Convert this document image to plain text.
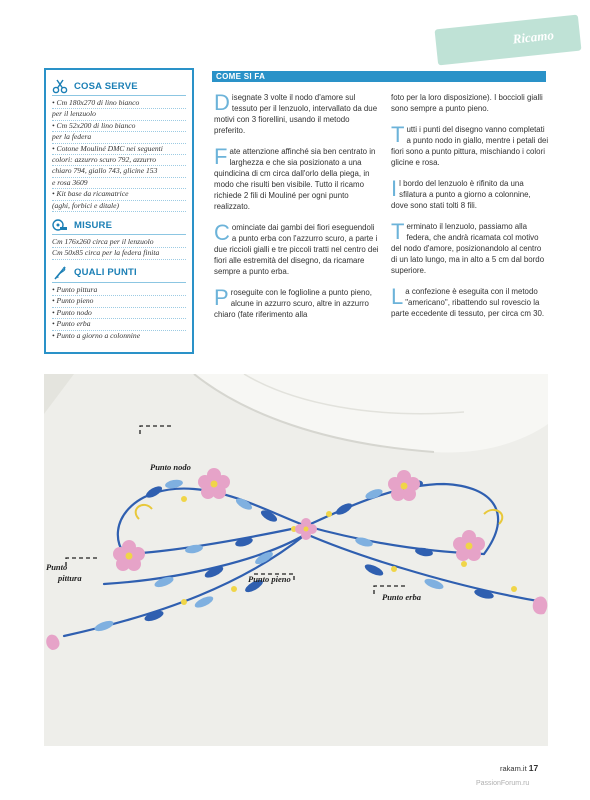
Ricamo
COSA SERVE
• Cm 180x270 di lino bianco
per il lenzuolo
• Cm 52x200 di lino bianco
per la federa
• Cotone Mouliné DMC nei seguenti
colori: azzurro scuro 792, azzurro
chiaro 794, giallo 743, glicine 153
e rosa 3609
• Kit base da ricamatrice
(aghi, forbici e ditale)
MISURE
Cm 176x260 circa per il lenzuolo
Cm 50x85 circa per la federa finita
QUALI PUNTI
• Punto pittura
• Punto pieno
• Punto nodo
• Punto erba
• Punto a giorno a colonnine
COME SI FA

Disegnate 3 volte il nodo d'amore sul tessuto per il lenzuolo, intervallato da due motivi con 3 fiorellini, usando il metodo preferito.

Fate attenzione affinché sia ben centrato in larghezza e che sia posizionato a una quindicina di cm circa dall'orlo della piega, in modo che risulti ben visibile. Tutto il ricamo richiede 2 fili di Mouliné per ogni punto realizzato.

Cominciate dai gambi dei fiori eseguendoli a punto erba con l'azzurro scuro, a parte i due riccioli gialli e tre piccoli tratti nel centro dei fiori alle estremità del disegno, da ricamare sempre a punto erba.

Proseguite con le foglioline a punto pieno, alcune in azzurro scuro, altre in azzurro chiaro (fate riferimento alla

foto per la loro disposizione). I boccioli gialli sono sempre a punto pieno.

Tutti i punti del disegno vanno completati a punto nodo in giallo, mentre i petali dei fiori sono a punto pittura, mischiando i colori glicine e rosa.

Il bordo del lenzuolo è rifinito da una sfilatura a punto a giorno a colonnine, dove sono stati tolti 8 fili.

Terminato il lenzuolo, passiamo alla federa, che andrà ricamata col motivo del nodo d'amore, posizionandolo al centro di un lato lungo, ma in alto a 5 cm dal bordo superiore.

La confezione è eseguita con il metodo "americano", ribattendo sul rovescio la parte eccedente di tessuto, per circa cm 30.

Punto nodo
Punto
pittura	Punto pieno
Punto erba
rakam.it 17
PassionForum.ru
